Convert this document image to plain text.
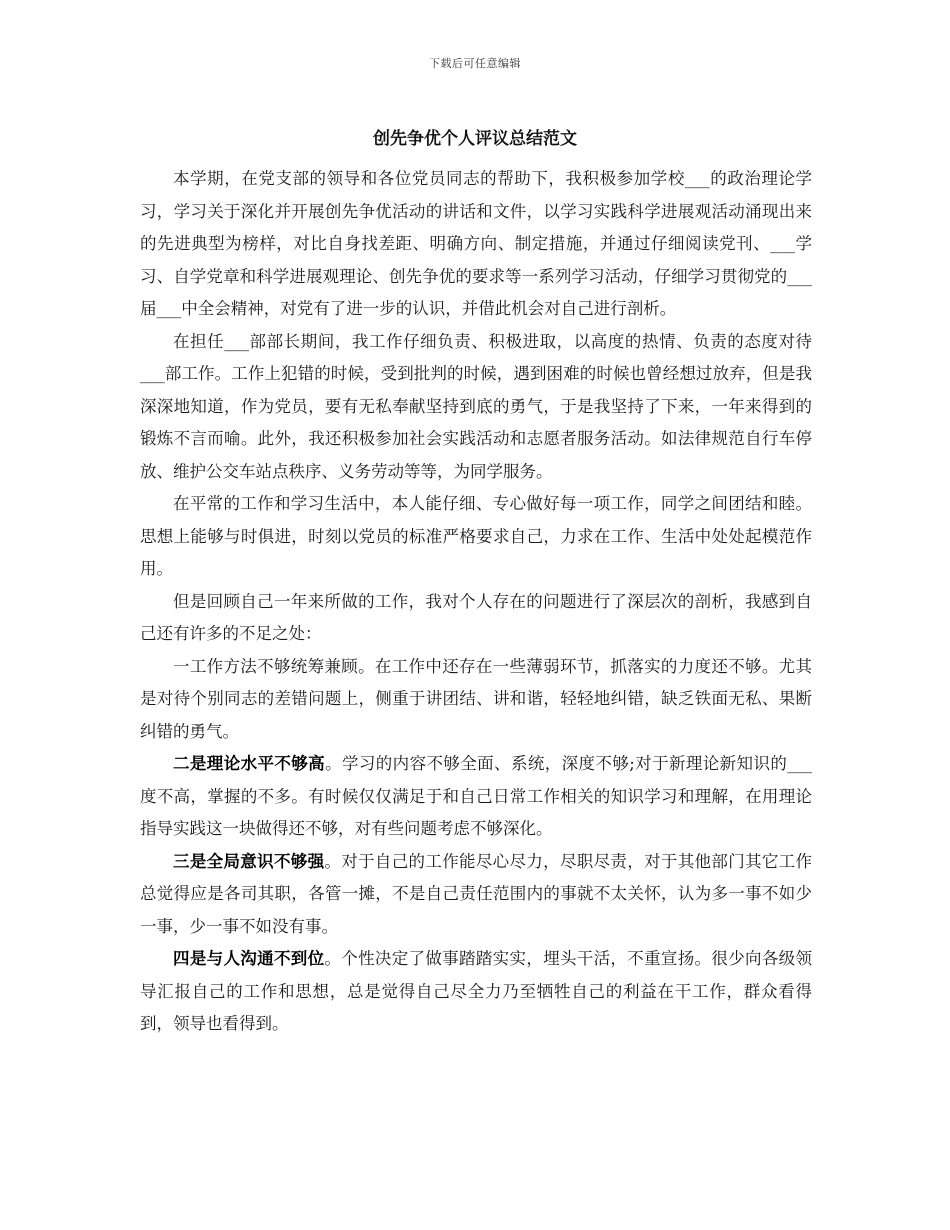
下载后可任意编辑
创先争优个人评议总结范文

本学期，在党支部的领导和各位党员同志的帮助下，我积极参加学校___的政治理论学习，学习关于深化并开展创先争优活动的讲话和文件，以学习实践科学进展观活动涌现出来的先进典型为榜样，对比自身找差距、明确方向、制定措施，并通过仔细阅读党刊、___学习、自学党章和科学进展观理论、创先争优的要求等一系列学习活动，仔细学习贯彻党的___届___中全会精神，对党有了进一步的认识，并借此机会对自己进行剖析。

在担任___部部长期间，我工作仔细负责、积极进取，以高度的热情、负责的态度对待___部工作。工作上犯错的时候，受到批判的时候，遇到困难的时候也曾经想过放弃，但是我深深地知道，作为党员，要有无私奉献坚持到底的勇气，于是我坚持了下来，一年来得到的锻炼不言而喻。此外，我还积极参加社会实践活动和志愿者服务活动。如法律规范自行车停放、维护公交车站点秩序、义务劳动等等，为同学服务。

在平常的工作和学习生活中，本人能仔细、专心做好每一项工作，同学之间团结和睦。思想上能够与时俱进，时刻以党员的标准严格要求自己，力求在工作、生活中处处起模范作用。

但是回顾自己一年来所做的工作，我对个人存在的问题进行了深层次的剖析，我感到自己还有许多的不足之处：

一工作方法不够统筹兼顾。在工作中还存在一些薄弱环节，抓落实的力度还不够。尤其是对待个别同志的差错问题上，侧重于讲团结、讲和谐，轻轻地纠错，缺乏铁面无私、果断纠错的勇气。

二是理论水平不够高。学习的内容不够全面、系统，深度不够;对于新理论新知识的___度不高，掌握的不多。有时候仅仅满足于和自己日常工作相关的知识学习和理解，在用理论指导实践这一块做得还不够，对有些问题考虑不够深化。

三是全局意识不够强。对于自己的工作能尽心尽力，尽职尽责，对于其他部门其它工作总觉得应是各司其职，各管一摊，不是自己责任范围内的事就不太关怀，认为多一事不如少一事，少一事不如没有事。

四是与人沟通不到位。个性决定了做事踏踏实实，埋头干活，不重宣扬。很少向各级领导汇报自己的工作和思想，总是觉得自己尽全力乃至牺牲自己的利益在干工作，群众看得到，领导也看得到。
